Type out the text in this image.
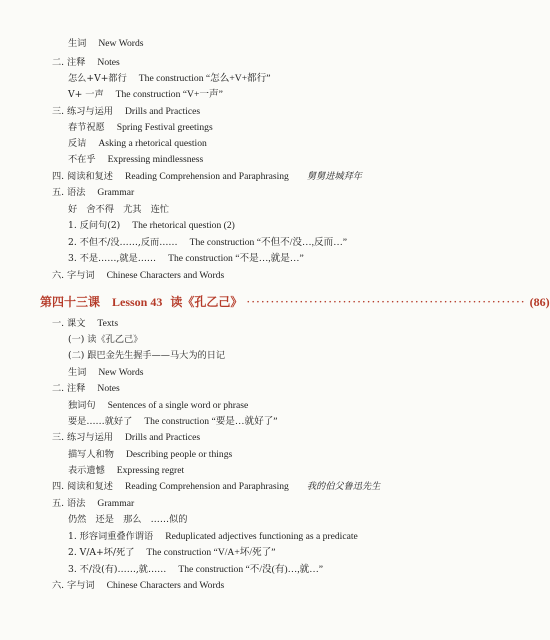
生词 New Words
二. 注释 Notes
怎么+V+都行 The construction “怎么+V+都行”
V+ 一声 The construction “V+一声”
三. 练习与运用 Drills and Practices
春节祝愿 Spring Festival greetings
反诘 Asking a rhetorical question
不在乎 Expressing mindlessness
四. 阅读和复述 Reading Comprehension and Paraphrasing 舅舅进城拜年
五. 语法 Grammar
好　舍不得　尤其　连忙
1. 反问句(2) The rhetorical question (2)
2. 不但不/没……,反而…… The construction “不但不/没…,反而…”
3. 不是……,就是…… The construction “不是…,就是…”
六. 字与词 Chinese Characters and Words
第四十三课 Lesson 43 读《孔乙己》 ·························································· (86)
一. 课文 Texts
(一) 读《孔乙己》
(二) 跟巴金先生握手——马大为的日记
生词 New Words
二. 注释 Notes
独词句 Sentences of a single word or phrase
要是……就好了 The construction “要是…就好了”
三. 练习与运用 Drills and Practices
描写人和物 Describing people or things
表示遗憾 Expressing regret
四. 阅读和复述 Reading Comprehension and Paraphrasing 我的伯父鲁迅先生
五. 语法 Grammar
仍然　还是　那么　……似的
1. 形容词重叠作谓语 Reduplicated adjectives functioning as a predicate
2. V/A+坏/死了 The construction “V/A+坏/死了”
3. 不/没(有)……,就…… The construction “不/没(有)…,就…”
六. 字与词 Chinese Characters and Words
